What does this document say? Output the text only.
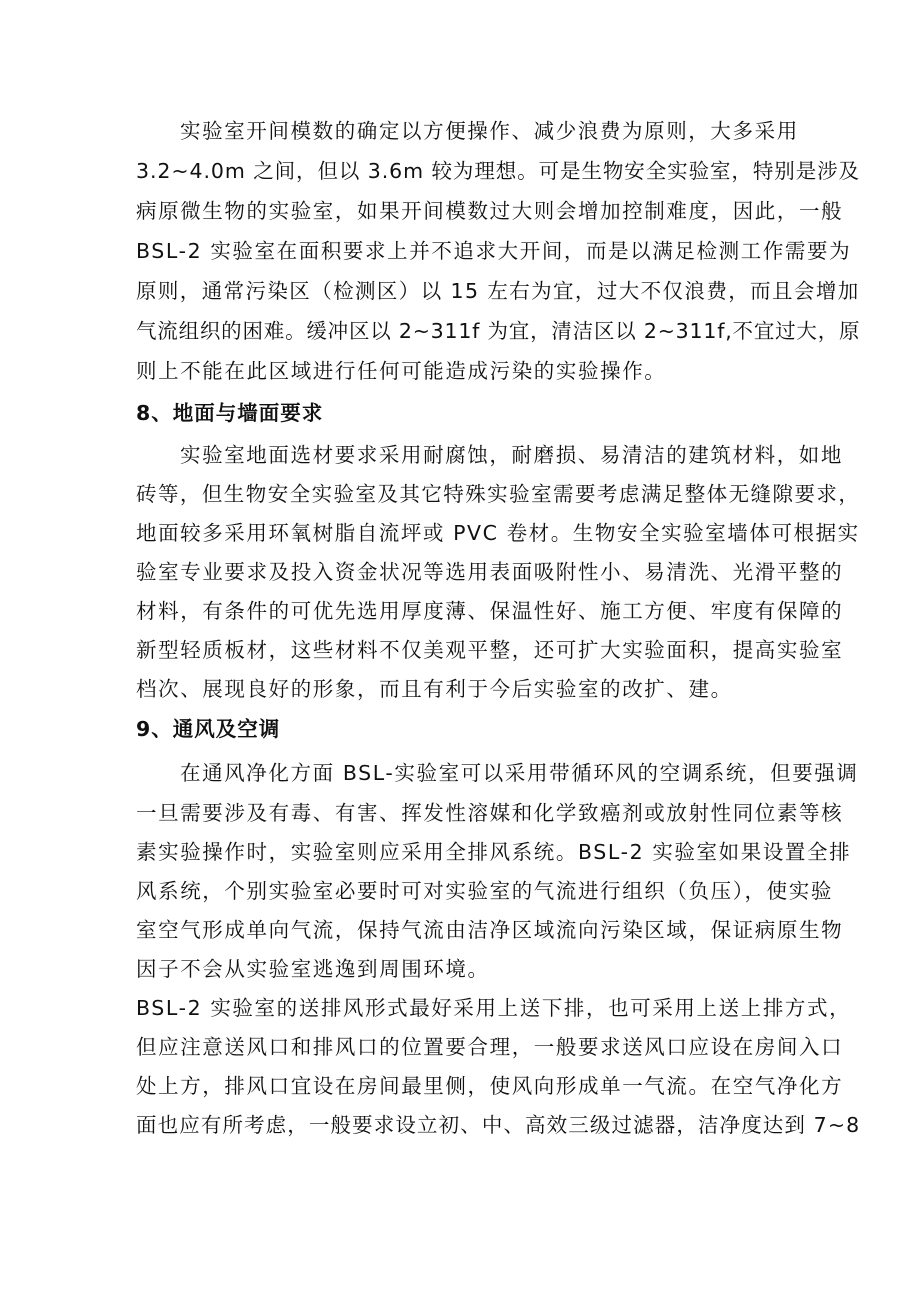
实验室开间模数的确定以方便操作、减少浪费为原则，大多采用
3.2~4.0m 之间，但以 3.6m 较为理想。可是生物安全实验室，特别是涉及
病原微生物的实验室，如果开间模数过大则会增加控制难度，因此，一般
BSL-2 实验室在面积要求上并不追求大开间，而是以满足检测工作需要为
原则，通常污染区（检测区）以 15 左右为宜，过大不仅浪费，而且会增加
气流组织的困难。缓冲区以 2~311f 为宜，清洁区以 2~311f,不宜过大，原
则上不能在此区域进行任何可能造成污染的实验操作。
8、地面与墙面要求
实验室地面选材要求采用耐腐蚀，耐磨损、易清洁的建筑材料，如地
砖等，但生物安全实验室及其它特殊实验室需要考虑满足整体无缝隙要求，
地面较多采用环氧树脂自流坪或 PVC 卷材。生物安全实验室墙体可根据实
验室专业要求及投入资金状况等选用表面吸附性小、易清洗、光滑平整的
材料，有条件的可优先选用厚度薄、保温性好、施工方便、牢度有保障的
新型轻质板材，这些材料不仅美观平整，还可扩大实验面积，提高实验室
档次、展现良好的形象，而且有利于今后实验室的改扩、建。
9、通风及空调
在通风净化方面 BSL-实验室可以采用带循环风的空调系统，但要强调
一旦需要涉及有毒、有害、挥发性溶媒和化学致癌剂或放射性同位素等核
素实验操作时，实验室则应采用全排风系统。BSL-2 实验室如果设置全排
风系统，个别实验室必要时可对实验室的气流进行组织（负压），使实验
室空气形成单向气流，保持气流由洁净区域流向污染区域，保证病原生物
因子不会从实验室逃逸到周围环境。
BSL-2 实验室的送排风形式最好采用上送下排，也可采用上送上排方式，
但应注意送风口和排风口的位置要合理，一般要求送风口应设在房间入口
处上方，排风口宜设在房间最里侧，使风向形成单一气流。在空气净化方
面也应有所考虑，一般要求设立初、中、高效三级过滤器，洁净度达到 7~8
